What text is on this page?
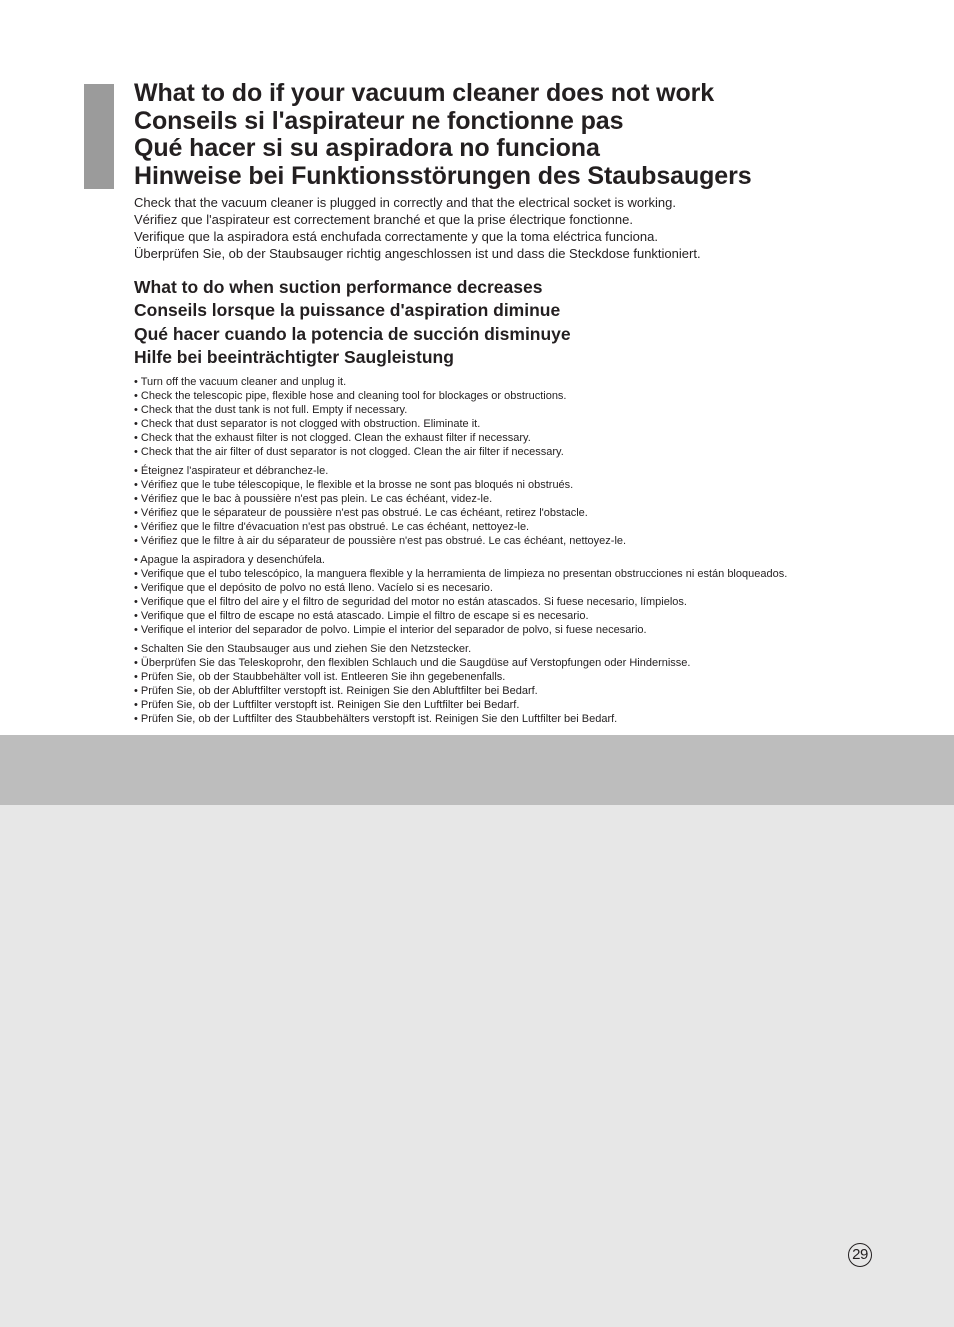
What to do if your vacuum cleaner does not work

Conseils si l'aspirateur ne fonctionne pas

Qué hacer si su aspiradora no funciona

Hinweise bei Funktionsstörungen des Staubsaugers

Check that the vacuum cleaner is plugged in correctly and that the electrical socket is working.

Vérifiez que l'aspirateur est correctement branché et que la prise électrique fonctionne.

Verifique que la aspiradora está enchufada correctamente y que la toma eléctrica funciona.

Überprüfen Sie, ob der Staubsauger richtig angeschlossen ist und dass die Steckdose funktioniert.

What to do when suction performance decreases

Conseils lorsque la puissance d'aspiration diminue

Qué hacer cuando la potencia de succión disminuye

Hilfe bei beeinträchtigter Saugleistung

• Turn off the vacuum cleaner and unplug it.
• Check the telescopic pipe, flexible hose and cleaning tool for blockages or obstructions.
• Check that the dust tank is not full. Empty if necessary.
• Check that dust separator is not clogged with obstruction. Eliminate it.
• Check that the exhaust filter is not clogged. Clean the exhaust filter if necessary.
• Check that the air filter of dust separator is not clogged. Clean the air filter if necessary.
• Éteignez l'aspirateur et débranchez-le.
• Vérifiez que le tube télescopique, le flexible et la brosse ne sont pas bloqués ni obstrués.
• Vérifiez que le bac à poussière n'est pas plein. Le cas échéant, videz-le.
• Vérifiez que le séparateur de poussière n'est pas obstrué. Le cas échéant, retirez l'obstacle.
• Vérifiez que le filtre d'évacuation n'est pas obstrué. Le cas échéant, nettoyez-le.
• Vérifiez que le filtre à air du séparateur de poussière n'est pas obstrué. Le cas échéant, nettoyez-le.
• Apague la aspiradora y desenchúfela.
• Verifique que el tubo telescópico, la manguera flexible y la herramienta de limpieza no presentan obstrucciones ni están bloqueados.
• Verifique que el depósito de polvo no está lleno. Vacíelo si es necesario.
• Verifique que el filtro del aire y el filtro de seguridad del motor no están atascados. Si fuese necesario, límpielos.
• Verifique que el filtro de escape no está atascado. Limpie el filtro de escape si es necesario.
• Verifique el interior del separador de polvo. Limpie el interior del separador de polvo, si fuese necesario.
• Schalten Sie den Staubsauger aus und ziehen Sie den Netzstecker.
• Überprüfen Sie das Teleskoprohr, den flexiblen Schlauch und die Saugdüse auf Verstopfungen oder Hindernisse.
• Prüfen Sie, ob der Staubbehälter voll ist. Entleeren Sie ihn gegebenenfalls.
• Prüfen Sie, ob der Abluftfilter verstopft ist. Reinigen Sie den Abluftfilter bei Bedarf.
• Prüfen Sie, ob der Luftfilter verstopft ist. Reinigen Sie den Luftfilter bei Bedarf.
• Prüfen Sie, ob der Luftfilter des Staubbehälters verstopft ist. Reinigen Sie den Luftfilter bei Bedarf.
29
